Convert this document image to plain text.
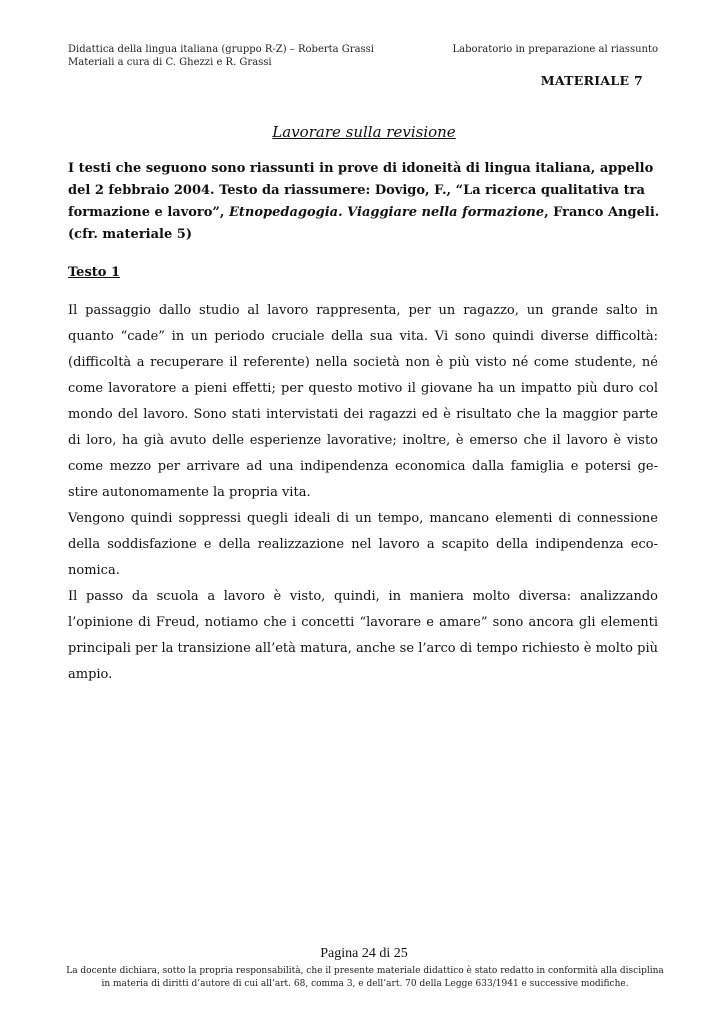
Didattica della lingua italiana (gruppo R-Z) – Roberta Grassi
Materiali a cura di C. Ghezzi e R. Grassi
Laboratorio in preparazione al riassunto
MATERIALE 7
Lavorare sulla revisione
I testi che seguono sono riassunti in prove di idoneità di lingua italiana, appello del 2 febbraio 2004. Testo da riassumere: Dovigo, F., “La ricerca qualitativa tra formazione e lavoro”, Etnopedagogia. Viaggiare nella formazione, Franco Angeli. (cfr. materiale 5)
Testo 1

Il passaggio dallo studio al lavoro rappresenta, per un ragazzo, un grande salto in quanto “cade” in un periodo cruciale della sua vita. Vi sono quindi diverse difficoltà: (difficoltà a recuperare il referente) nella società non è più visto né come studente, né come lavoratore a pieni effetti; per questo motivo il giovane ha un impatto più duro col mondo del lavoro. Sono stati intervistati dei ragazzi ed è risultato che la maggior parte di loro, ha già avuto delle esperienze lavorative; inoltre, è emerso che il lavoro è visto come mezzo per arrivare ad una indipendenza economica dalla famiglia e potersi ge-stire autonomamente la propria vita.

Vengono quindi soppressi quegli ideali di un tempo, mancano elementi di connessione della soddisfazione e della realizzazione nel lavoro a scapito della indipendenza eco-nomica.

Il passo da scuola a lavoro è visto, quindi, in maniera molto diversa: analizzando l’opinione di Freud, notiamo che i concetti “lavorare e amare” sono ancora gli elementi principali per la transizione all’età matura, anche se l’arco di tempo richiesto è molto più ampio.

Pagina 24 di 25
La docente dichiara, sotto la propria responsabilità, che il presente materiale didattico è stato redatto in conformità alla disciplina
in materia di diritti d’autore di cui all’art. 68, comma 3, e dell’art. 70 della Legge 633/1941 e successive modifiche.
